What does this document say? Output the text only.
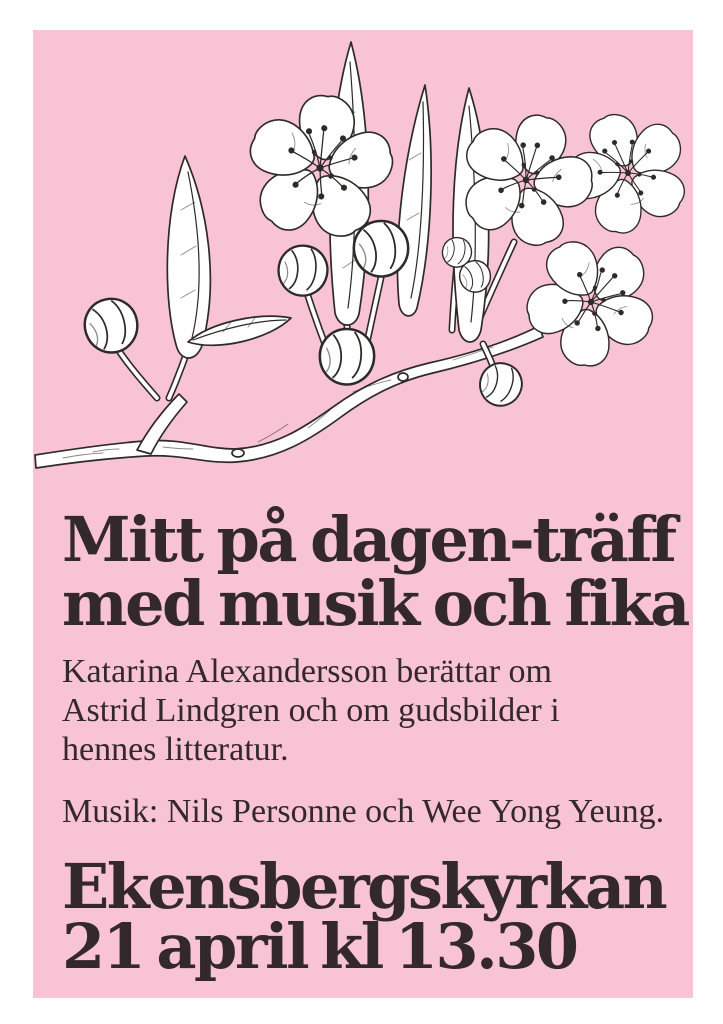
Mitt på dagen-träff
med musik och fika

Katarina Alexandersson berättar om
Astrid Lindgren och om gudsbilder i
hennes litteratur.

Musik: Nils Personne och Wee Yong Yeung.

Ekensbergskyrkan
21 april kl 13.30
